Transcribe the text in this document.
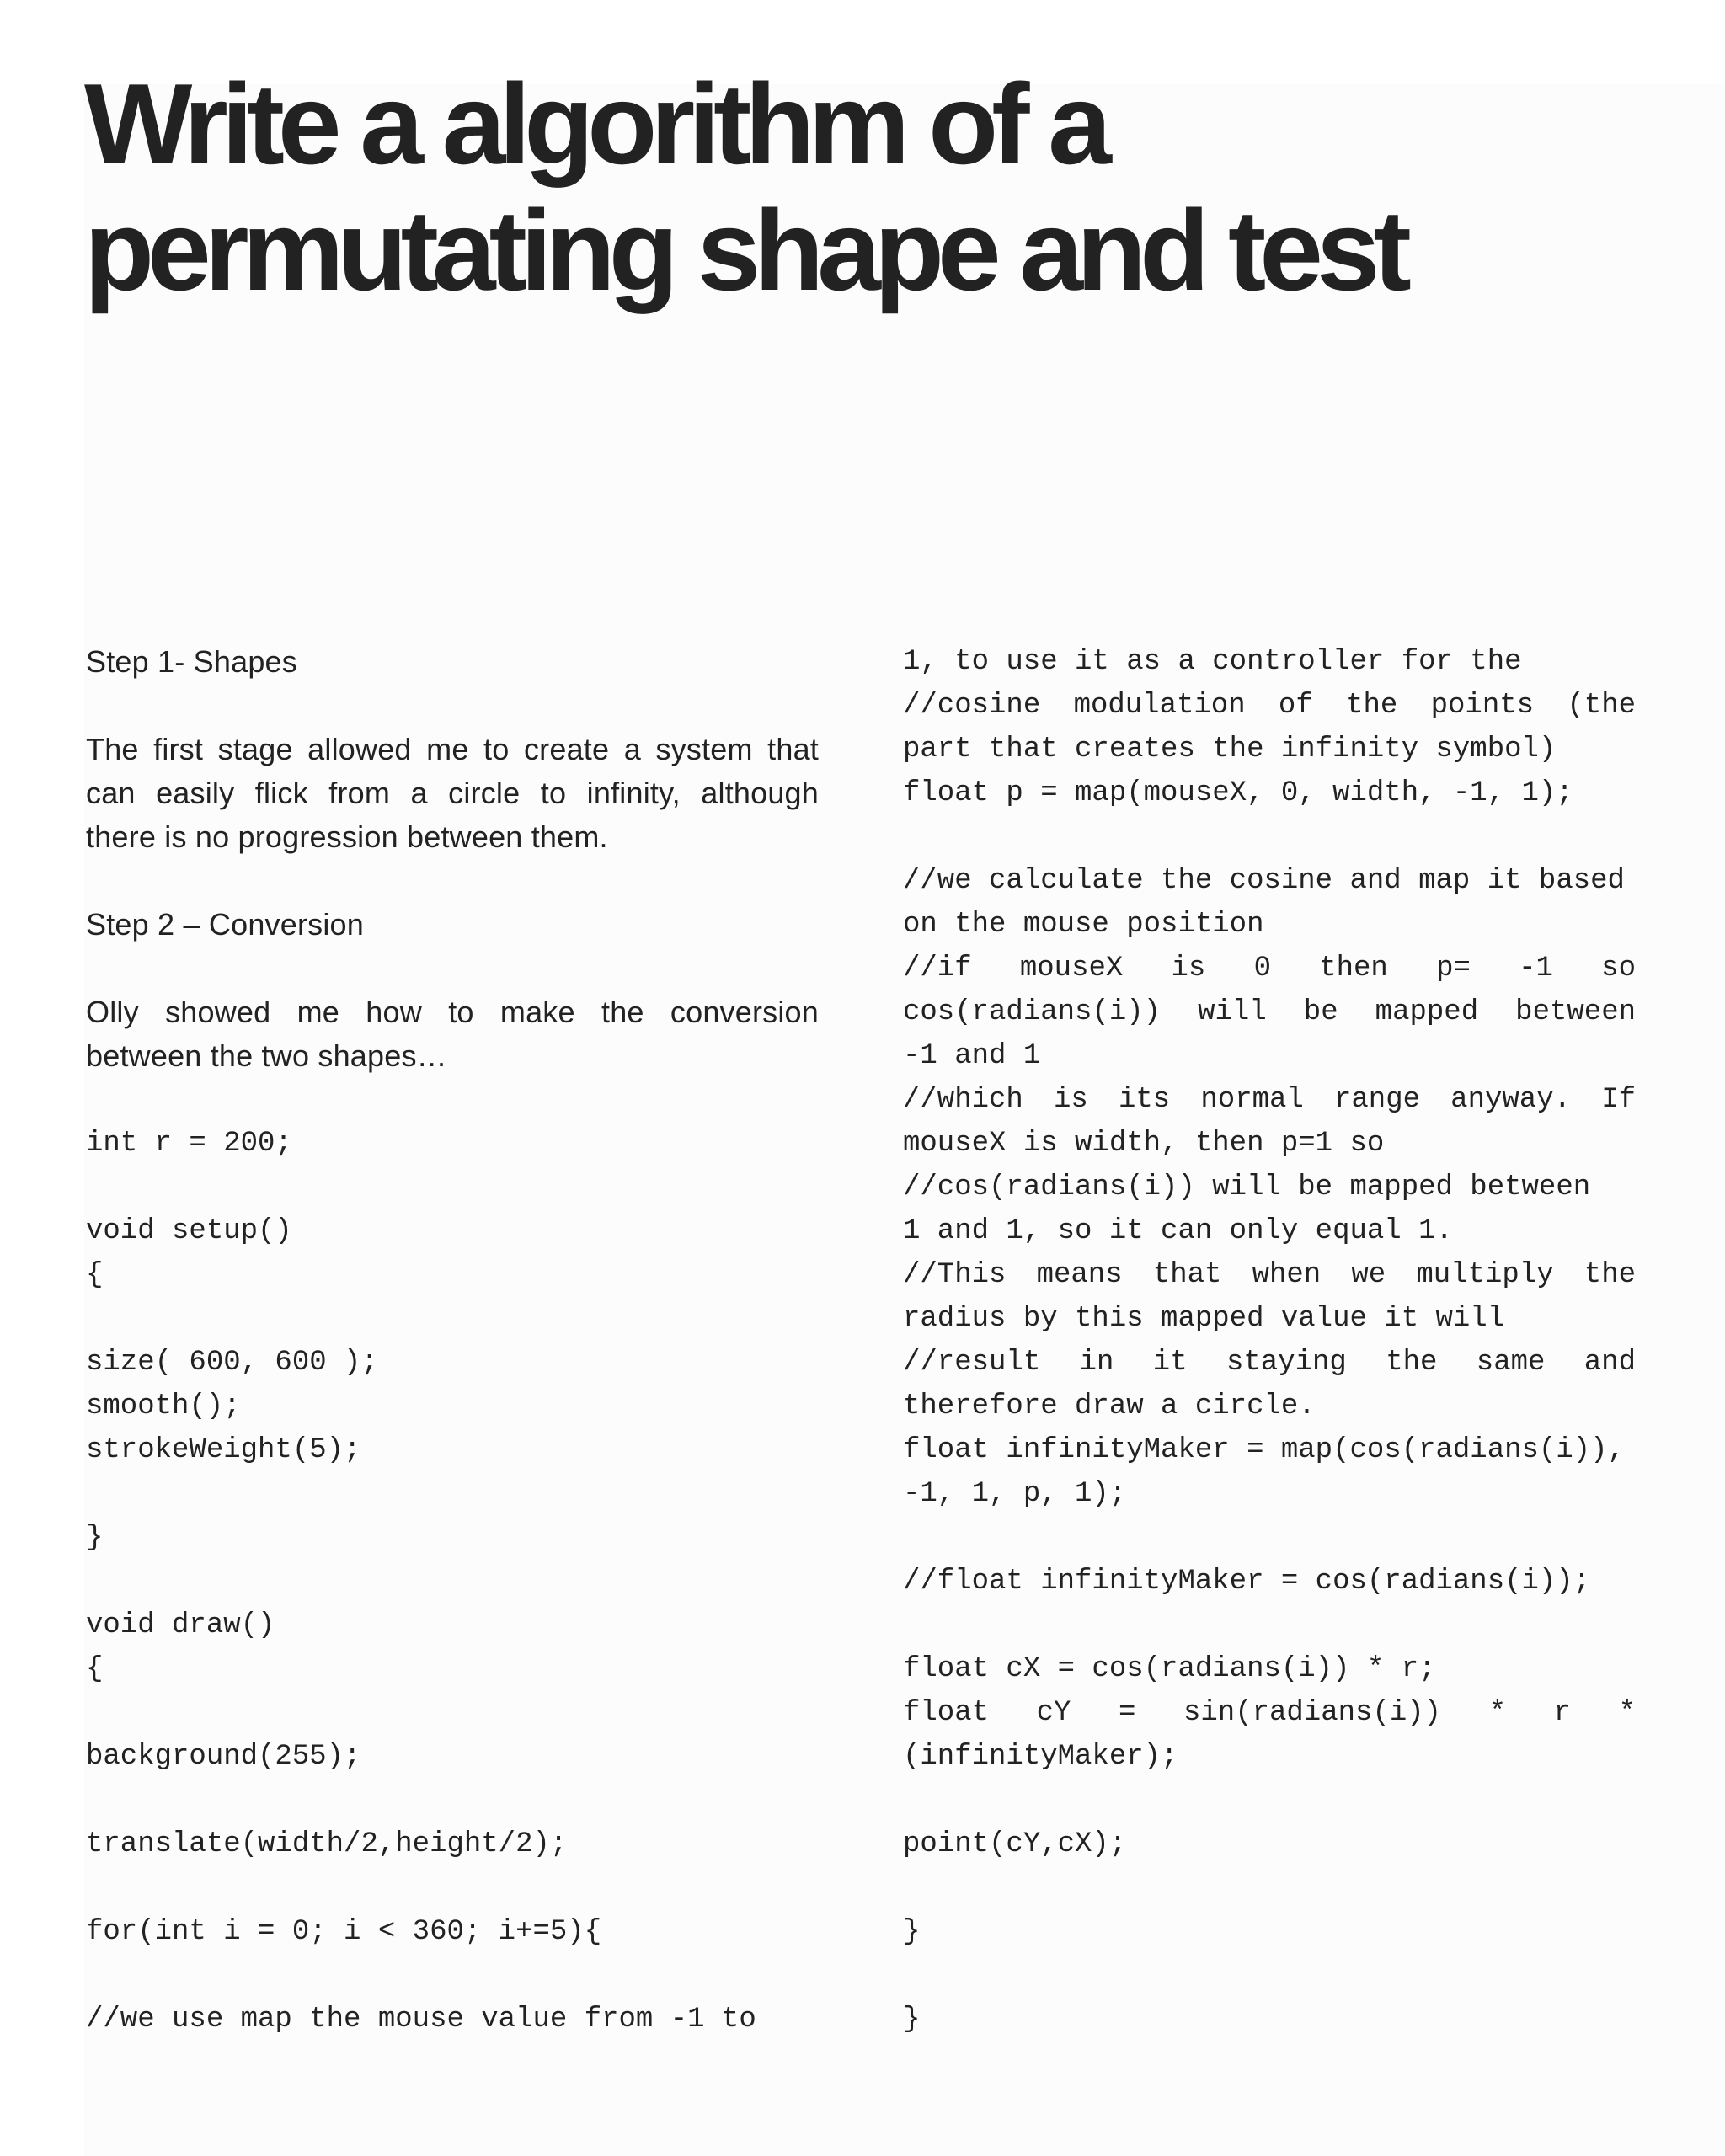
Write a algorithm of a
permutating shape and test
Step 1- Shapes
The first stage allowed me to create a system that
can easily flick from a circle to infinity, although
there is no progression between them.
Step 2 – Conversion
Olly showed me how to make the conversion
between the two shapes…
int r = 200;
void setup()
{
size( 600, 600 );
smooth();
strokeWeight(5);
}
void draw()
{
background(255);
translate(width/2,height/2);
for(int i = 0; i < 360; i+=5){
//we use map the mouse value from -1 to
1, to use it as a controller for the
//cosine modulation of the points (the
part that creates the infinity symbol)
float p = map(mouseX, 0, width, -1, 1);
//we calculate the cosine and map it based
on the mouse position
//if mouseX is 0 then p= -1 so
cos(radians(i)) will be mapped between
-1 and 1
//which is its normal range anyway. If
mouseX is width, then p=1 so
//cos(radians(i)) will be mapped between
1 and 1, so it can only equal 1.
//This means that when we multiply the
radius by this mapped value it will
//result in it staying the same and
therefore draw a circle.
float infinityMaker = map(cos(radians(i)),
-1, 1, p, 1);
//float infinityMaker = cos(radians(i));
float cX = cos(radians(i)) * r;
float cY = sin(radians(i)) * r *
(infinityMaker);
point(cY,cX);
}
}
